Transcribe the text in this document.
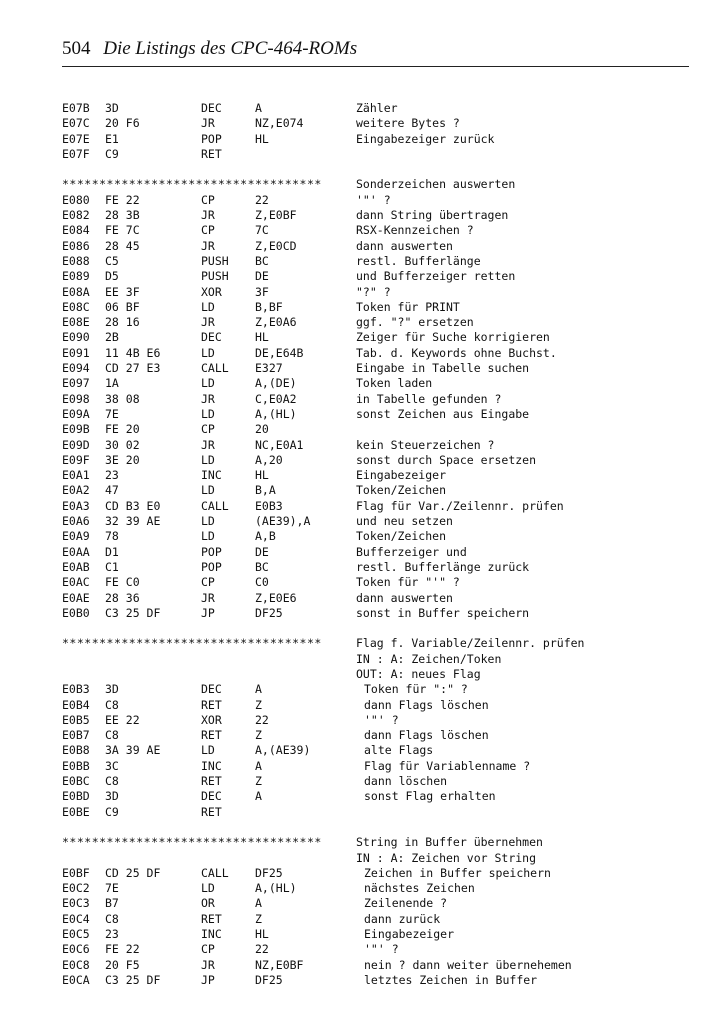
504 Die Listings des CPC-464-ROMs
E07B 3D	DEC	A	Zähler
E07C 20 F6	JR	NZ,E074	weitere Bytes ?
E07E E1	POP	HL	Eingabezeiger zurück
E07F C9	RET
***********************************	Sonderzeichen auswerten
E080 FE 22	CP	22	'"' ?
E082 28 3B	JR	Z,E0BF	dann String übertragen
E084 FE 7C	CP	7C	RSX-Kennzeichen ?
E086 28 45	JR	Z,E0CD	dann auswerten
E088 C5	PUSH BC	restl. Bufferlänge
E089 D5	PUSH DE	und Bufferzeiger retten
E08A EE 3F	XOR	3F	"?" ?
E08C 06 BF	LD	B,BF	Token für PRINT
E08E 28 16	JR	Z,E0A6	ggf. "?" ersetzen
E090 2B	DEC	HL	Zeiger für Suche korrigieren
E091 11 4B E6	LD	DE,E64B	Tab. d. Keywords ohne Buchst.
E094 CD 27 E3	CALL E327	Eingabe in Tabelle suchen
E097 1A	LD	A,(DE)	Token laden
E098 38 08	JR	C,E0A2	in Tabelle gefunden ?
E09A 7E	LD	A,(HL)	sonst Zeichen aus Eingabe
E09B FE 20	CP	20
E09D 30 02	JR	NC,E0A1	kein Steuerzeichen ?
E09F 3E 20	LD	A,20	sonst durch Space ersetzen
E0A1 23	INC	HL	Eingabezeiger
E0A2 47	LD	B,A	Token/Zeichen
E0A3 CD B3 E0	CALL E0B3	Flag für Var./Zeilennr. prüfen
E0A6 32 39 AE	LD	(AE39),A	und neu setzen
E0A9 78	LD	A,B	Token/Zeichen
E0AA D1	POP	DE	Bufferzeiger und
E0AB C1	POP	BC	restl. Bufferlänge zurück
E0AC FE C0	CP	C0	Token für "'" ?
E0AE 28 36	JR	Z,E0E6	dann auswerten
E0B0 C3 25 DF	JP	DF25	sonst in Buffer speichern
***********************************	Flag f. Variable/Zeilennr. prüfen
IN : A: Zeichen/Token
OUT: A: neues Flag
E0B3 3D	DEC	A	Token für ":" ?
E0B4 C8	RET	Z	dann Flags löschen
E0B5 EE 22	XOR	22	'"' ?
E0B7 C8	RET	Z	dann Flags löschen
E0B8 3A 39 AE	LD	A,(AE39)	alte Flags
E0BB 3C	INC	A	Flag für Variablenname ?
E0BC C8	RET	Z	dann löschen
E0BD 3D	DEC	A	sonst Flag erhalten
E0BE C9	RET
***********************************	String in Buffer übernehmen
IN : A: Zeichen vor String
E0BF CD 25 DF	CALL DF25	Zeichen in Buffer speichern
E0C2 7E	LD	A,(HL)	nächstes Zeichen
E0C3 B7	OR	A	Zeilenende ?
E0C4 C8	RET	Z	dann zurück
E0C5 23	INC	HL	Eingabezeiger
E0C6 FE 22	CP	22	'"' ?
E0C8 20 F5	JR	NZ,E0BF	nein ? dann weiter übernehemen
E0CA C3 25 DF	JP	DF25	letztes Zeichen in Buffer
